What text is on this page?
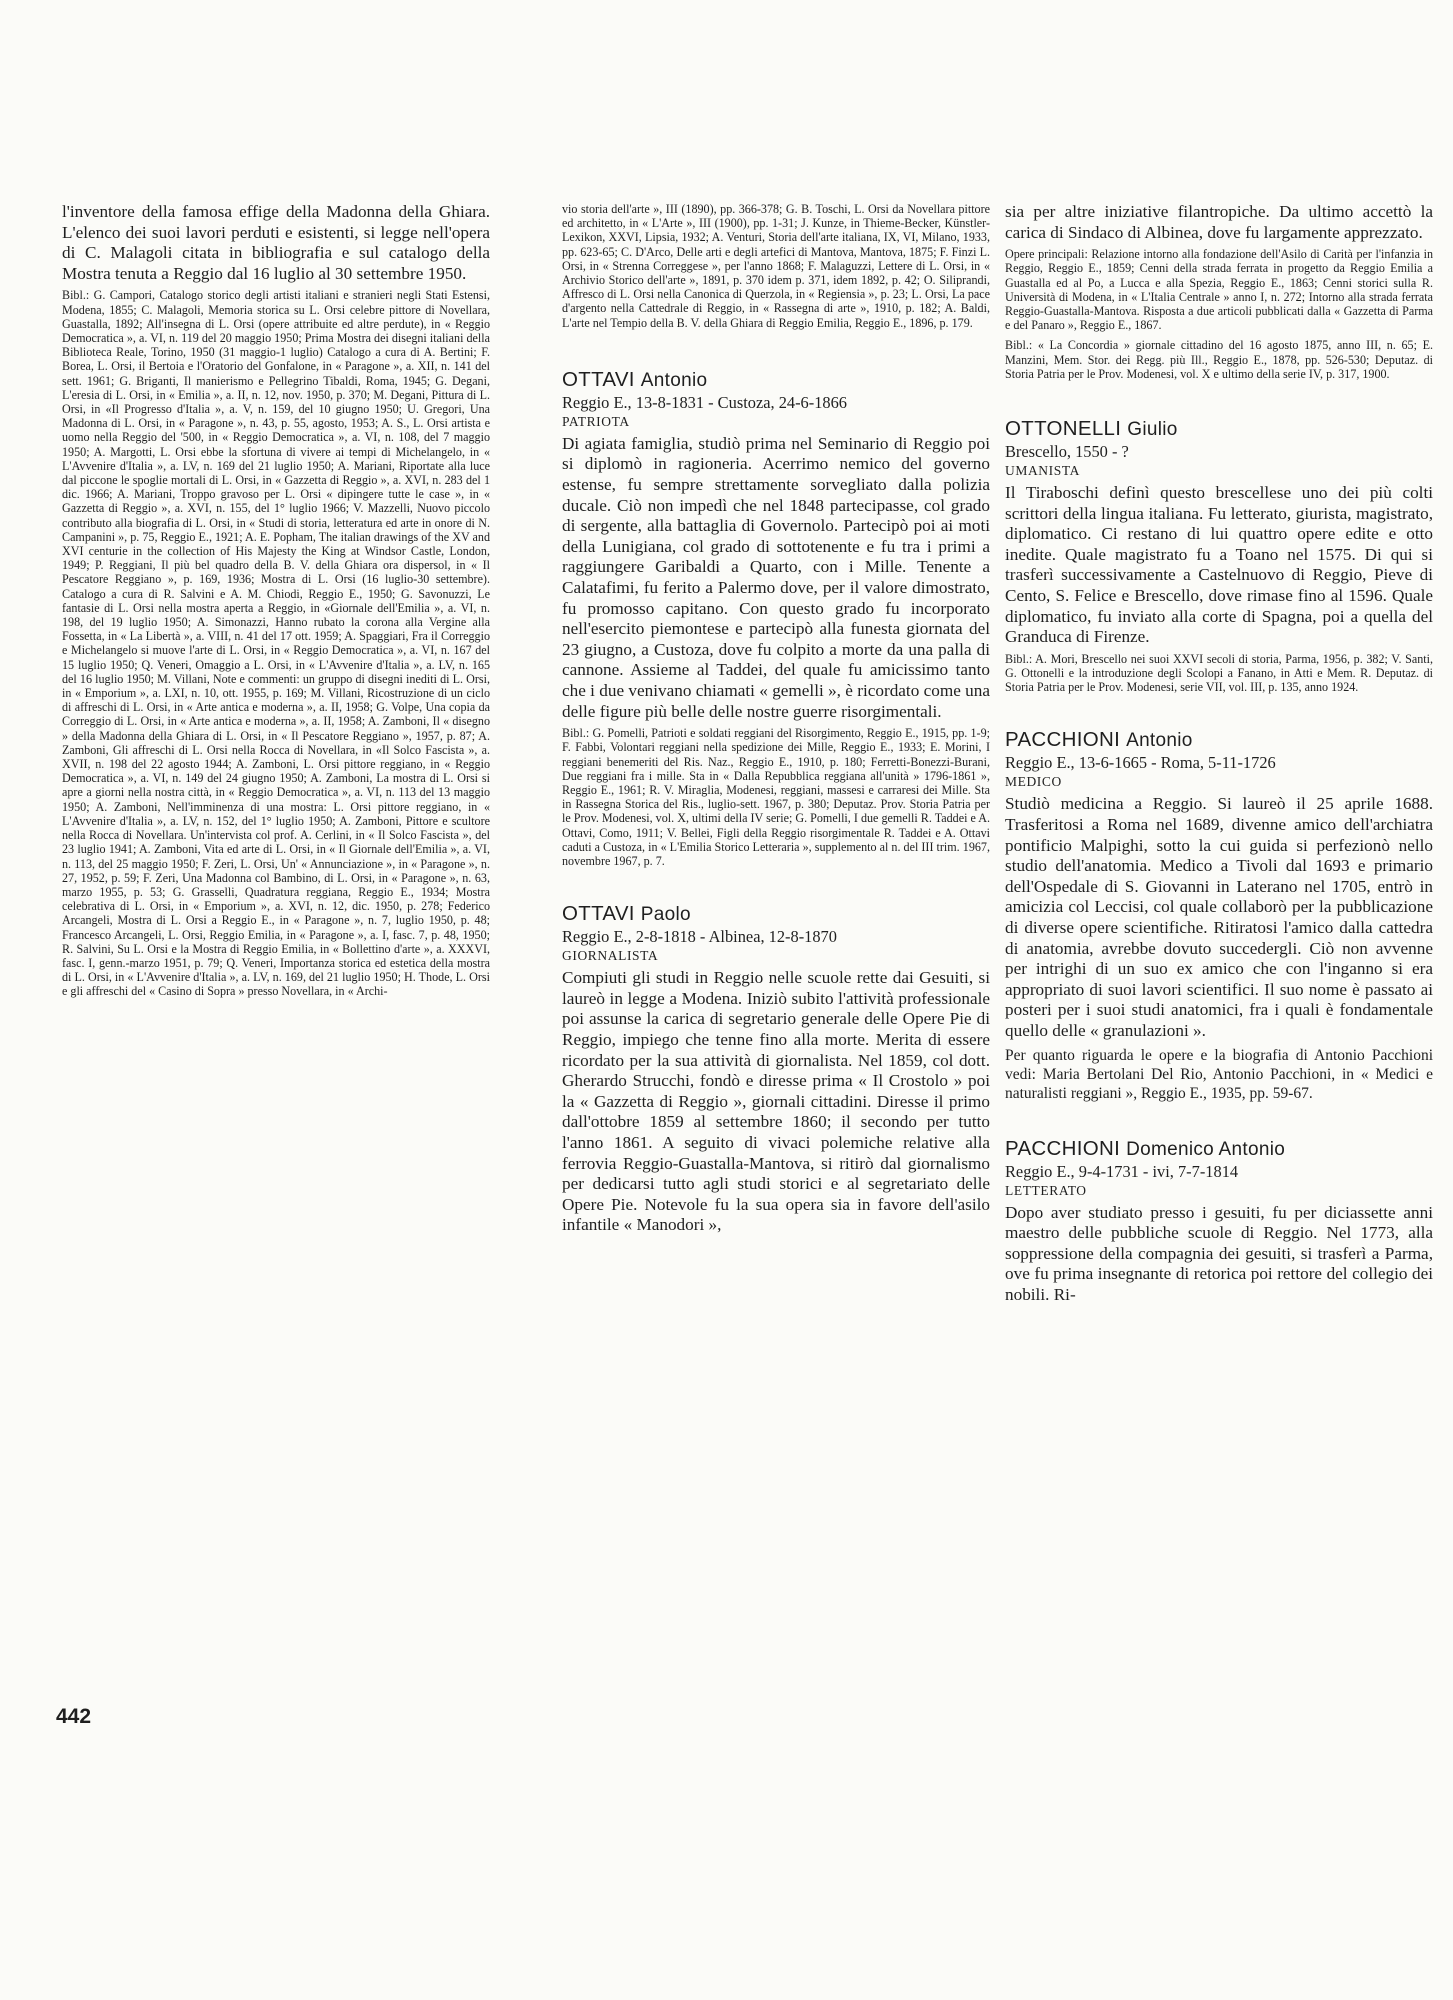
l'inventore della famosa effige della Madonna della Ghiara. L'elenco dei suoi lavori perduti e esistenti, si legge nell'opera di C. Malagoli citata in bibliografia e sul catalogo della Mostra tenuta a Reggio dal 16 luglio al 30 settembre 1950.

Bibl.: G. Campori, Catalogo storico degli artisti italiani e stranieri negli Stati Estensi, Modena, 1855; C. Malagoli, Memoria storica su L. Orsi celebre pittore di Novellara, Guastalla, 1892; All'insegna di L. Orsi (opere attribuite ed altre perdute), in « Reggio Democratica », a. VI, n. 119 del 20 maggio 1950; Prima Mostra dei disegni italiani della Biblioteca Reale, Torino, 1950 (31 maggio-1 luglio) Catalogo a cura di A. Bertini; F. Borea, L. Orsi, il Bertoia e l'Oratorio del Gonfalone, in « Paragone », a. XII, n. 141 del sett. 1961; G. Briganti, Il manierismo e Pellegrino Tibaldi, Roma, 1945; G. Degani, L'eresia di L. Orsi, in « Emilia », a. II, n. 12, nov. 1950, p. 370; M. Degani, Pittura di L. Orsi, in «Il Progresso d'Italia », a. V, n. 159, del 10 giugno 1950; U. Gregori, Una Madonna di L. Orsi, in « Paragone », n. 43, p. 55, agosto, 1953; A. S., L. Orsi artista e uomo nella Reggio del '500, in « Reggio Democratica », a. VI, n. 108, del 7 maggio 1950; A. Margotti, L. Orsi ebbe la sfortuna di vivere ai tempi di Michelangelo, in « L'Avvenire d'Italia », a. LV, n. 169 del 21 luglio 1950; A. Mariani, Riportate alla luce dal piccone le spoglie mortali di L. Orsi, in « Gazzetta di Reggio », a. XVI, n. 283 del 1 dic. 1966; A. Mariani, Troppo gravoso per L. Orsi « dipingere tutte le case », in « Gazzetta di Reggio », a. XVI, n. 155, del 1° luglio 1966; V. Mazzelli, Nuovo piccolo contributo alla biografia di L. Orsi, in « Studi di storia, letteratura ed arte in onore di N. Campanini », p. 75, Reggio E., 1921; A. E. Popham, The italian drawings of the XV and XVI centurie in the collection of His Majesty the King at Windsor Castle, London, 1949; P. Reggiani, Il più bel quadro della B. V. della Ghiara ora dispersol, in « Il Pescatore Reggiano », p. 169, 1936; Mostra di L. Orsi (16 luglio-30 settembre). Catalogo a cura di R. Salvini e A. M. Chiodi, Reggio E., 1950; G. Savonuzzi, Le fantasie di L. Orsi nella mostra aperta a Reggio, in «Giornale dell'Emilia », a. VI, n. 198, del 19 luglio 1950; A. Simonazzi, Hanno rubato la corona alla Vergine alla Fossetta, in « La Libertà », a. VIII, n. 41 del 17 ott. 1959; A. Spaggiari, Fra il Correggio e Michelangelo si muove l'arte di L. Orsi, in « Reggio Democratica », a. VI, n. 167 del 15 luglio 1950; Q. Veneri, Omaggio a L. Orsi, in « L'Avvenire d'Italia », a. LV, n. 165 del 16 luglio 1950; M. Villani, Note e commenti: un gruppo di disegni inediti di L. Orsi, in « Emporium », a. LXI, n. 10, ott. 1955, p. 169; M. Villani, Ricostruzione di un ciclo di affreschi di L. Orsi, in « Arte antica e moderna », a. II, 1958; G. Volpe, Una copia da Correggio di L. Orsi, in « Arte antica e moderna », a. II, 1958; A. Zamboni, Il « disegno » della Madonna della Ghiara di L. Orsi, in « Il Pescatore Reggiano », 1957, p. 87; A. Zamboni, Gli affreschi di L. Orsi nella Rocca di Novellara, in «Il Solco Fascista », a. XVII, n. 198 del 22 agosto 1944; A. Zamboni, L. Orsi pittore reggiano, in « Reggio Democratica », a. VI, n. 149 del 24 giugno 1950; A. Zamboni, La mostra di L. Orsi si apre a giorni nella nostra città, in « Reggio Democratica », a. VI, n. 113 del 13 maggio 1950; A. Zamboni, Nell'imminenza di una mostra: L. Orsi pittore reggiano, in « L'Avvenire d'Italia », a. LV, n. 152, del 1° luglio 1950; A. Zamboni, Pittore e scultore nella Rocca di Novellara. Un'intervista col prof. A. Cerlini, in « Il Solco Fascista », del 23 luglio 1941; A. Zamboni, Vita ed arte di L. Orsi, in « Il Giornale dell'Emilia », a. VI, n. 113, del 25 maggio 1950; F. Zeri, L. Orsi, Un' « Annunciazione », in « Paragone », n. 27, 1952, p. 59; F. Zeri, Una Madonna col Bambino, di L. Orsi, in « Paragone », n. 63, marzo 1955, p. 53; G. Grasselli, Quadratura reggiana, Reggio E., 1934; Mostra celebrativa di L. Orsi, in « Emporium », a. XVI, n. 12, dic. 1950, p. 278; Federico Arcangeli, Mostra di L. Orsi a Reggio E., in « Paragone », n. 7, luglio 1950, p. 48; Francesco Arcangeli, L. Orsi, Reggio Emilia, in « Paragone », a. I, fasc. 7, p. 48, 1950; R. Salvini, Su L. Orsi e la Mostra di Reggio Emilia, in « Bollettino d'arte », a. XXXVI, fasc. I, genn.-marzo 1951, p. 79; Q. Veneri, Importanza storica ed estetica della mostra di L. Orsi, in « L'Avvenire d'Italia », a. LV, n. 169, del 21 luglio 1950; H. Thode, L. Orsi e gli affreschi del « Casino di Sopra » presso Novellara, in « Archi-

vio storia dell'arte », III (1890), pp. 366-378; G. B. Toschi, L. Orsi da Novellara pittore ed architetto, in « L'Arte », III (1900), pp. 1-31; J. Kunze, in Thieme-Becker, Künstler-Lexikon, XXVI, Lipsia, 1932; A. Venturi, Storia dell'arte italiana, IX, VI, Milano, 1933, pp. 623-65; C. D'Arco, Delle arti e degli artefici di Mantova, Mantova, 1875; F. Finzi L. Orsi, in « Strenna Correggese », per l'anno 1868; F. Malaguzzi, Lettere di L. Orsi, in « Archivio Storico dell'arte », 1891, p. 370 idem p. 371, idem 1892, p. 42; O. Siliprandi, Affresco di L. Orsi nella Canonica di Querzola, in « Regiensia », p. 23; L. Orsi, La pace d'argento nella Cattedrale di Reggio, in « Rassegna di arte », 1910, p. 182; A. Baldi, L'arte nel Tempio della B. V. della Ghiara di Reggio Emilia, Reggio E., 1896, p. 179.

OTTAVI Antonio

Reggio E., 13-8-1831 - Custoza, 24-6-1866

PATRIOTA

Di agiata famiglia, studiò prima nel Seminario di Reggio poi si diplomò in ragioneria. Acerrimo nemico del governo estense, fu sempre strettamente sorvegliato dalla polizia ducale. Ciò non impedì che nel 1848 partecipasse, col grado di sergente, alla battaglia di Governolo. Partecipò poi ai moti della Lunigiana, col grado di sottotenente e fu tra i primi a raggiungere Garibaldi a Quarto, con i Mille. Tenente a Calatafimi, fu ferito a Palermo dove, per il valore dimostrato, fu promosso capitano. Con questo grado fu incorporato nell'esercito piemontese e partecipò alla funesta giornata del 23 giugno, a Custoza, dove fu colpito a morte da una palla di cannone. Assieme al Taddei, del quale fu amicissimo tanto che i due venivano chiamati « gemelli », è ricordato come una delle figure più belle delle nostre guerre risorgimentali.

Bibl.: G. Pomelli, Patrioti e soldati reggiani del Risorgimento, Reggio E., 1915, pp. 1-9; F. Fabbi, Volontari reggiani nella spedizione dei Mille, Reggio E., 1933; E. Morini, I reggiani benemeriti del Ris. Naz., Reggio E., 1910, p. 180; Ferretti-Bonezzi-Burani, Due reggiani fra i mille. Sta in « Dalla Repubblica reggiana all'unità » 1796-1861 », Reggio E., 1961; R. V. Miraglia, Modenesi, reggiani, massesi e carraresi dei Mille. Sta in Rassegna Storica del Ris., luglio-sett. 1967, p. 380; Deputaz. Prov. Storia Patria per le Prov. Modenesi, vol. X, ultimi della IV serie; G. Pomelli, I due gemelli R. Taddei e A. Ottavi, Como, 1911; V. Bellei, Figli della Reggio risorgimentale R. Taddei e A. Ottavi caduti a Custoza, in « L'Emilia Storico Letteraria », supplemento al n. del III trim. 1967, novembre 1967, p. 7.

OTTAVI Paolo

Reggio E., 2-8-1818 - Albinea, 12-8-1870

GIORNALISTA

Compiuti gli studi in Reggio nelle scuole rette dai Gesuiti, si laureò in legge a Modena. Iniziò subito l'attività professionale poi assunse la carica di segretario generale delle Opere Pie di Reggio, impiego che tenne fino alla morte. Merita di essere ricordato per la sua attività di giornalista. Nel 1859, col dott. Gherardo Strucchi, fondò e diresse prima « Il Crostolo » poi la « Gazzetta di Reggio », giornali cittadini. Diresse il primo dall'ottobre 1859 al settembre 1860; il secondo per tutto l'anno 1861. A seguito di vivaci polemiche relative alla ferrovia Reggio-Guastalla-Mantova, si ritirò dal giornalismo per dedicarsi tutto agli studi storici e al segretariato delle Opere Pie. Notevole fu la sua opera sia in favore dell'asilo infantile « Manodori »,

sia per altre iniziative filantropiche. Da ultimo accettò la carica di Sindaco di Albinea, dove fu largamente apprezzato.

Opere principali: Relazione intorno alla fondazione dell'Asilo di Carità per l'infanzia in Reggio, Reggio E., 1859; Cenni della strada ferrata in progetto da Reggio Emilia a Guastalla ed al Po, a Lucca e alla Spezia, Reggio E., 1863; Cenni storici sulla R. Università di Modena, in « L'Italia Centrale » anno I, n. 272; Intorno alla strada ferrata Reggio-Guastalla-Mantova. Risposta a due articoli pubblicati dalla « Gazzetta di Parma e del Panaro », Reggio E., 1867.

Bibl.: « La Concordia » giornale cittadino del 16 agosto 1875, anno III, n. 65; E. Manzini, Mem. Stor. dei Regg. più Ill., Reggio E., 1878, pp. 526-530; Deputaz. di Storia Patria per le Prov. Modenesi, vol. X e ultimo della serie IV, p. 317, 1900.

OTTONELLI Giulio

Brescello, 1550 - ?

UMANISTA

Il Tiraboschi definì questo brescellese uno dei più colti scrittori della lingua italiana. Fu letterato, giurista, magistrato, diplomatico. Ci restano di lui quattro opere edite e otto inedite. Quale magistrato fu a Toano nel 1575. Di qui si trasferì successivamente a Castelnuovo di Reggio, Pieve di Cento, S. Felice e Brescello, dove rimase fino al 1596. Quale diplomatico, fu inviato alla corte di Spagna, poi a quella del Granduca di Firenze.

Bibl.: A. Mori, Brescello nei suoi XXVI secoli di storia, Parma, 1956, p. 382; V. Santi, G. Ottonelli e la introduzione degli Scolopi a Fanano, in Atti e Mem. R. Deputaz. di Storia Patria per le Prov. Modenesi, serie VII, vol. III, p. 135, anno 1924.

PACCHIONI Antonio

Reggio E., 13-6-1665 - Roma, 5-11-1726

MEDICO

Studiò medicina a Reggio. Si laureò il 25 aprile 1688. Trasferitosi a Roma nel 1689, divenne amico dell'archiatra pontificio Malpighi, sotto la cui guida si perfezionò nello studio dell'anatomia. Medico a Tivoli dal 1693 e primario dell'Ospedale di S. Giovanni in Laterano nel 1705, entrò in amicizia col Leccisi, col quale collaborò per la pubblicazione di diverse opere scientifiche. Ritiratosi l'amico dalla cattedra di anatomia, avrebbe dovuto succedergli. Ciò non avvenne per intrighi di un suo ex amico che con l'inganno si era appropriato di suoi lavori scientifici. Il suo nome è passato ai posteri per i suoi studi anatomici, fra i quali è fondamentale quello delle « granulazioni ».

Per quanto riguarda le opere e la biografia di Antonio Pacchioni vedi: Maria Bertolani Del Rio, Antonio Pacchioni, in « Medici e naturalisti reggiani », Reggio E., 1935, pp. 59-67.

PACCHIONI Domenico Antonio

Reggio E., 9-4-1731 - ivi, 7-7-1814

LETTERATO

Dopo aver studiato presso i gesuiti, fu per diciassette anni maestro delle pubbliche scuole di Reggio. Nel 1773, alla soppressione della compagnia dei gesuiti, si trasferì a Parma, ove fu prima insegnante di retorica poi rettore del collegio dei nobili. Ri-

442
